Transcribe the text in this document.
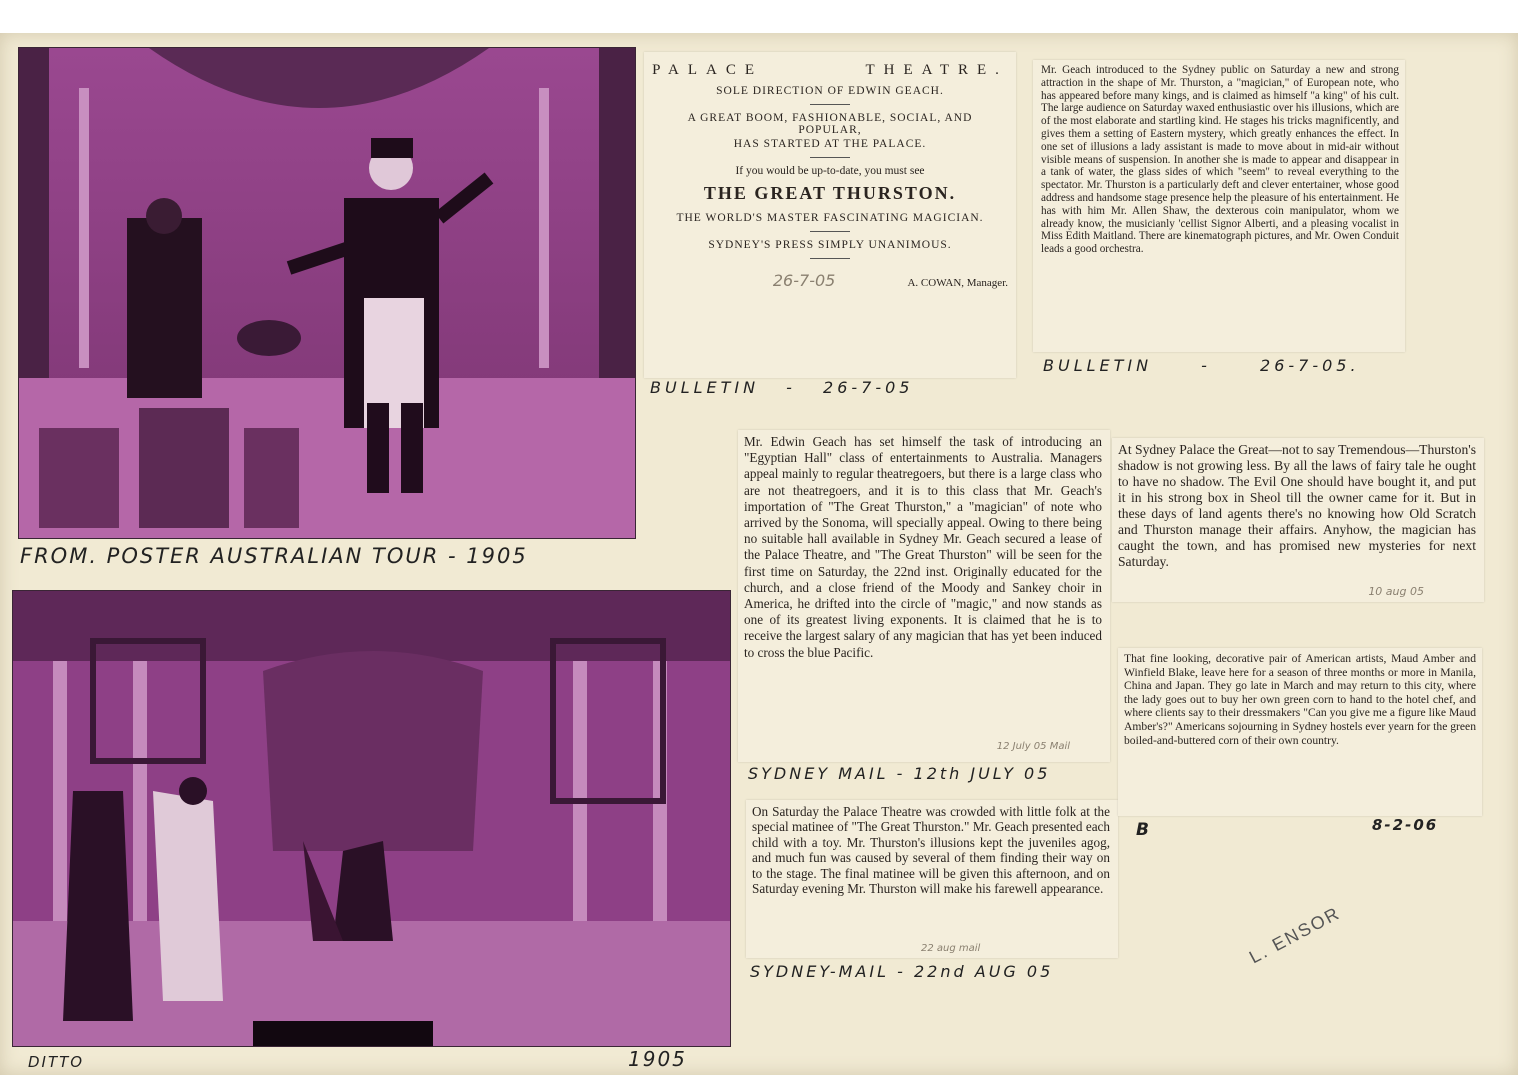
FROM. POSTER AUSTRALIAN TOUR - 1905
DITTO	1905
PALACE	THEATRE.
SOLE DIRECTION OF EDWIN GEACH.
A GREAT BOOM, FASHIONABLE, SOCIAL, AND POPULAR,
HAS STARTED AT THE PALACE.
If you would be up-to-date, you must see
THE GREAT THURSTON.
THE WORLD'S MASTER FASCINATING MAGICIAN.
SYDNEY'S PRESS SIMPLY UNANIMOUS.
26-7-05	A. COWAN, Manager.
BULLETIN - 26-7-05

Mr. Geach introduced to the Sydney public on Saturday a new and strong attraction in the shape of Mr. Thurston, a "magician," of European note, who has appeared before many kings, and is claimed as himself "a king" of his cult. The large audience on Saturday waxed enthusiastic over his illusions, which are of the most elaborate and startling kind. He stages his tricks magnificently, and gives them a setting of Eastern mystery, which greatly enhances the effect. In one set of illusions a lady assistant is made to move about in mid-air without visible means of suspension. In another she is made to appear and disappear in a tank of water, the glass sides of which "seem" to reveal everything to the spectator. Mr. Thurston is a particularly deft and clever entertainer, whose good address and handsome stage presence help the pleasure of his entertainment. He has with him Mr. Allen Shaw, the dexterous coin manipulator, whom we already know, the musicianly 'cellist Signor Alberti, and a pleasing vocalist in Miss Edith Maitland. There are kinematograph pictures, and Mr. Owen Conduit leads a good orchestra.

BULLETIN - 26-7-05.

Mr. Edwin Geach has set himself the task of introducing an "Egyptian Hall" class of entertainments to Australia. Managers appeal mainly to regular theatregoers, but there is a large class who are not theatregoers, and it is to this class that Mr. Geach's importation of "The Great Thurston," a "magician" of note who arrived by the Sonoma, will specially appeal. Owing to there being no suitable hall available in Sydney Mr. Geach secured a lease of the Palace Theatre, and "The Great Thurston" will be seen for the first time on Saturday, the 22nd inst. Originally educated for the church, and a close friend of the Moody and Sankey choir in America, he drifted into the circle of "magic," and now stands as one of its greatest living exponents. It is claimed that he is to receive the largest salary of any magician that has yet been induced to cross the blue Pacific.

12 July 05 Mail
SYDNEY MAIL - 12th JULY 05

On Saturday the Palace Theatre was crowded with little folk at the special matinee of "The Great Thurston." Mr. Geach presented each child with a toy. Mr. Thurston's illusions kept the juveniles agog, and much fun was caused by several of them finding their way on to the stage. The final matinee will be given this afternoon, and on Saturday evening Mr. Thurston will make his farewell appearance.

22 aug mail
SYDNEY-MAIL - 22nd AUG 05

At Sydney Palace the Great—not to say Tremendous—Thurston's shadow is not growing less. By all the laws of fairy tale he ought to have no shadow. The Evil One should have bought it, and put it in his strong box in Sheol till the owner came for it. But in these days of land agents there's no knowing how Old Scratch and Thurston manage their affairs. Anyhow, the magician has caught the town, and has promised new mysteries for next Saturday.

10 aug 05

That fine looking, decorative pair of American artists, Maud Amber and Winfield Blake, leave here for a season of three months or more in Manila, China and Japan. They go late in March and may return to this city, where the lady goes out to buy her own green corn to hand to the hotel chef, and where clients say to their dressmakers "Can you give me a figure like Maud Amber's?" Americans sojourning in Sydney hostels ever yearn for the green boiled-and-buttered corn of their own country.

B	8-2-06
L. ENSOR
